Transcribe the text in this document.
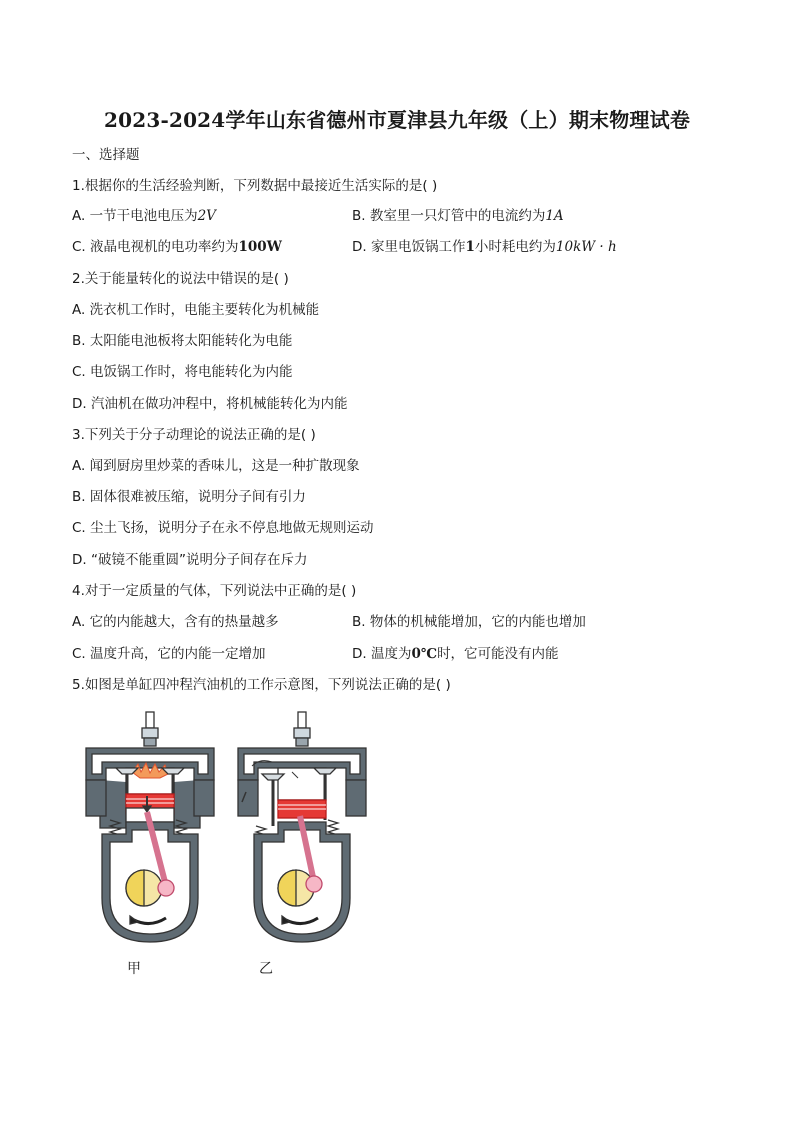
2023-2024学年山东省德州市夏津县九年级（上）期末物理试卷
一、选择题
1.根据你的生活经验判断，下列数据中最接近生活实际的是( )
A. 一节干电池电压为2V	B. 教室里一只灯管中的电流约为1A
C. 液晶电视机的电功率约为100W	D. 家里电饭锅工作1小时耗电约为10kW · h
2.关于能量转化的说法中错误的是( )
A. 洗衣机工作时，电能主要转化为机械能
B. 太阳能电池板将太阳能转化为电能
C. 电饭锅工作时，将电能转化为内能
D. 汽油机在做功冲程中，将机械能转化为内能
3.下列关于分子动理论的说法正确的是( )
A. 闻到厨房里炒菜的香味儿，这是一种扩散现象
B. 固体很难被压缩，说明分子间有引力
C. 尘土飞扬，说明分子在永不停息地做无规则运动
D. “破镜不能重圆”说明分子间存在斥力
4.对于一定质量的气体，下列说法中正确的是( )
A. 它的内能越大，含有的热量越多	B. 物体的机械能增加，它的内能也增加
C. 温度升高，它的内能一定增加	D. 温度为0℃时，它可能没有内能
5.如图是单缸四冲程汽油机的工作示意图，下列说法正确的是( )
甲	乙
